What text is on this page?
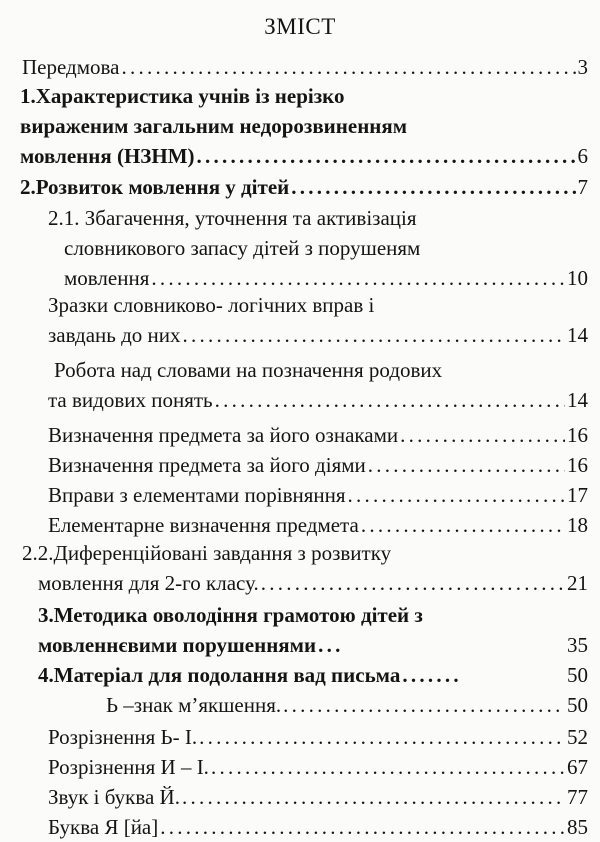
ЗМІСТ
Передмова . . .	3
1.Характеристика учнів із нерізко
вираженим загальним недорозвиненням
мовлення (НЗНМ) . . .	6
2.Розвиток мовлення у дітей . . .	7
2.1. Збагачення, уточнення та активізація
словникового запасу дітей з порушеням
мовлення . . .	10
Зразки словниково- логічних вправ і
завдань до них . . .	14
Робота над словами на позначення родових
та видових понять . . .	14
Визначення предмета за його ознаками . . .	16
Визначення предмета за його діями . . .	16
Вправи з елементами порівняння . . .	17
Елементарне визначення предмета . . .	18
2.2.Диференційовані завдання з розвитку
мовлення для 2-го класу. . . .	21
3.Методика оволодіння грамотою дітей з
мовленнєвими порушеннями . . .	35
4.Матеріал для подолання вад письма . . .	50
Ь –знак м’якшення. . . .	50
Розрізнення Ь- І. . . .	52
Розрізнення И – І. . . .	67
Звук і буква Й. . . .	77
Буква Я [йа] . . .	85
